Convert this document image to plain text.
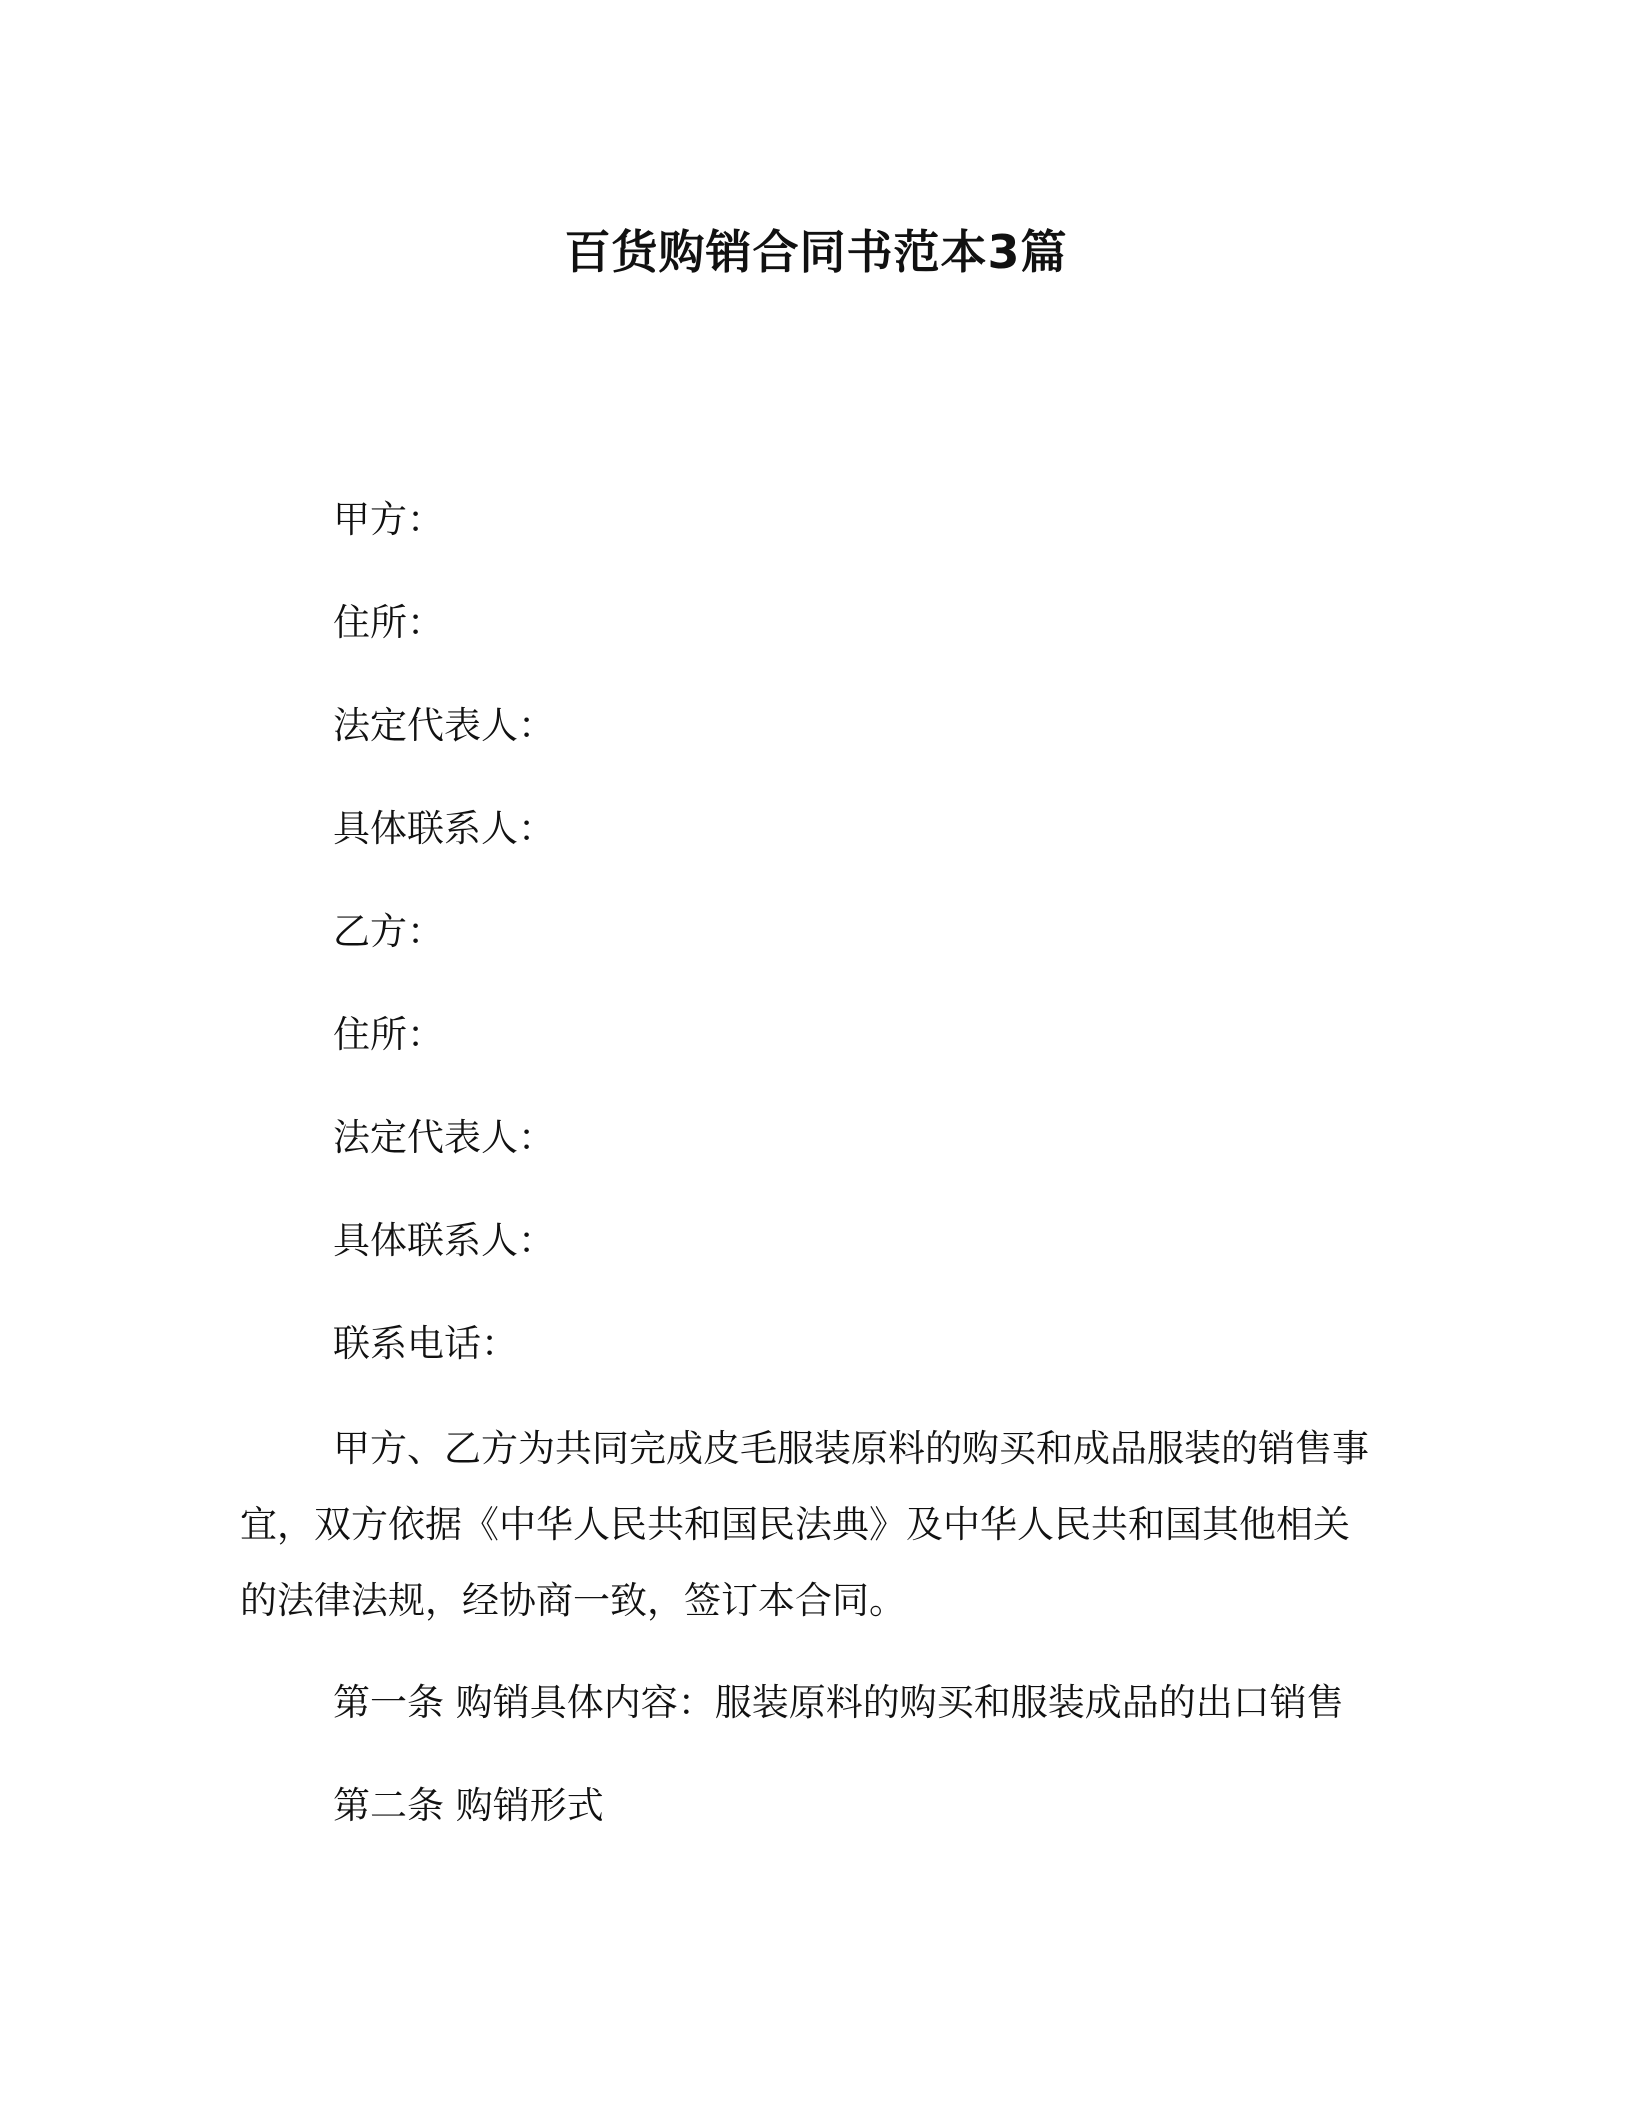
百货购销合同书范本3篇

甲方：

住所：

法定代表人：

具体联系人：

乙方：

住所：

法定代表人：

具体联系人：

联系电话：

甲方、乙方为共同完成皮毛服装原料的购买和成品服装的销售事
宜，双方依据《中华人民共和国民法典》及中华人民共和国其他相关
的法律法规，经协商一致，签订本合同。

第一条 购销具体内容：服装原料的购买和服装成品的出口销售

第二条 购销形式
